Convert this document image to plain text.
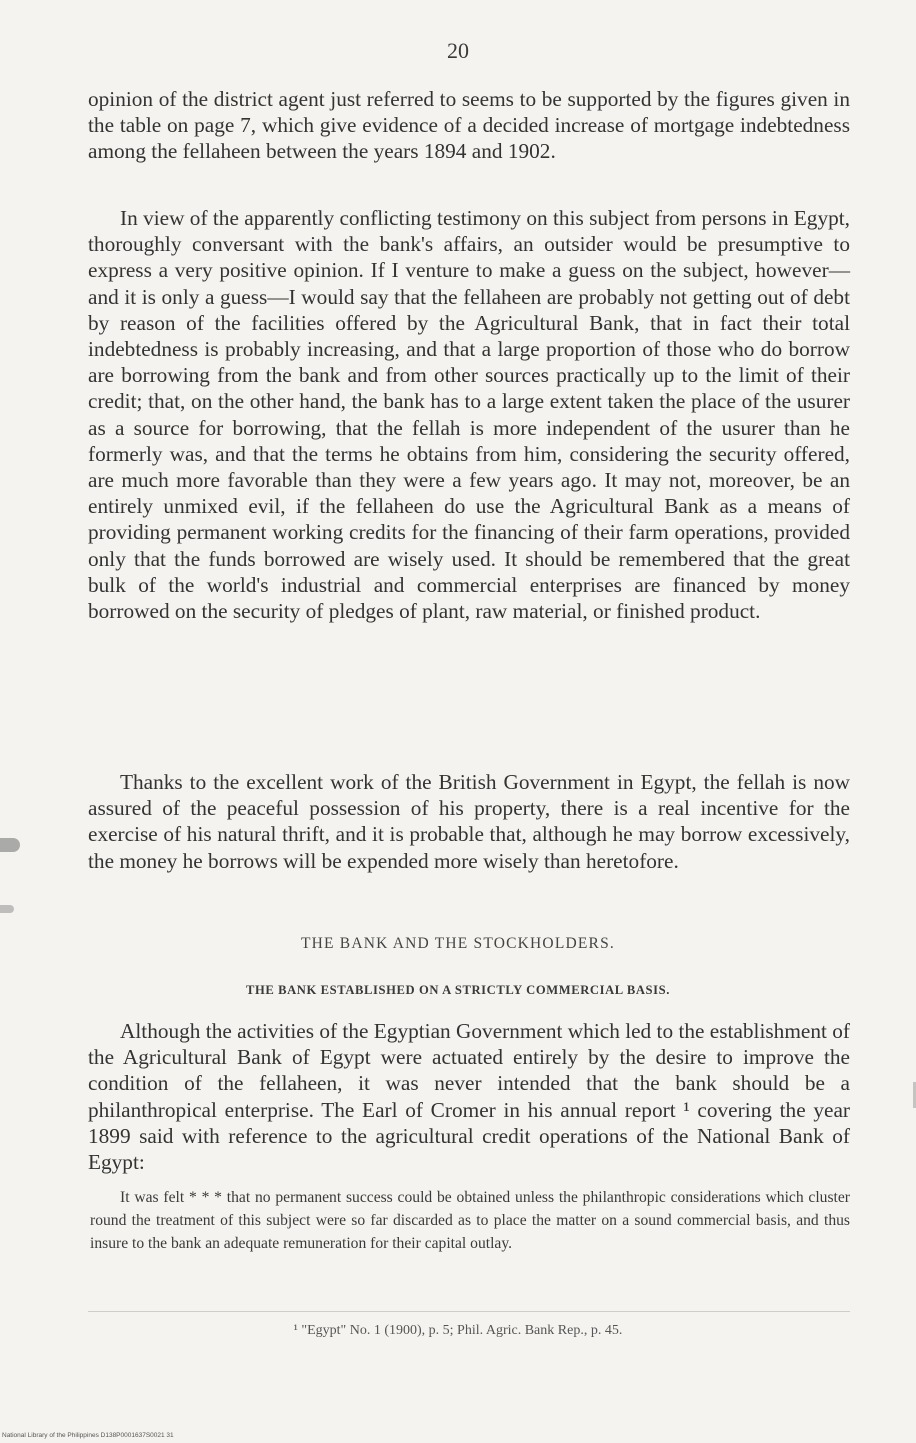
20

opinion of the district agent just referred to seems to be supported by the figures given in the table on page 7, which give evidence of a decided increase of mortgage indebtedness among the fellaheen between the years 1894 and 1902.

In view of the apparently conflicting testimony on this subject from persons in Egypt, thoroughly conversant with the bank's affairs, an outsider would be presumptive to express a very positive opinion. If I venture to make a guess on the subject, however—and it is only a guess—I would say that the fellaheen are probably not getting out of debt by reason of the facilities offered by the Agricultural Bank, that in fact their total indebtedness is probably increasing, and that a large proportion of those who do borrow are borrowing from the bank and from other sources practically up to the limit of their credit; that, on the other hand, the bank has to a large extent taken the place of the usurer as a source for borrowing, that the fellah is more independent of the usurer than he formerly was, and that the terms he obtains from him, considering the security offered, are much more favorable than they were a few years ago. It may not, moreover, be an entirely unmixed evil, if the fellaheen do use the Agricultural Bank as a means of providing permanent working credits for the financing of their farm operations, provided only that the funds borrowed are wisely used. It should be remembered that the great bulk of the world's industrial and commercial enterprises are financed by money borrowed on the security of pledges of plant, raw material, or finished product.

Thanks to the excellent work of the British Government in Egypt, the fellah is now assured of the peaceful possession of his property, there is a real incentive for the exercise of his natural thrift, and it is probable that, although he may borrow excessively, the money he borrows will be expended more wisely than heretofore.

THE BANK AND THE STOCKHOLDERS.
THE BANK ESTABLISHED ON A STRICTLY COMMERCIAL BASIS.

Although the activities of the Egyptian Government which led to the establishment of the Agricultural Bank of Egypt were actuated entirely by the desire to improve the condition of the fellaheen, it was never intended that the bank should be a philanthropical enterprise. The Earl of Cromer in his annual report ¹ covering the year 1899 said with reference to the agricultural credit operations of the National Bank of Egypt:

It was felt * * * that no permanent success could be obtained unless the philanthropic considerations which cluster round the treatment of this subject were so far discarded as to place the matter on a sound commercial basis, and thus insure to the bank an adequate remuneration for their capital outlay.

¹ "Egypt" No. 1 (1900), p. 5; Phil. Agric. Bank Rep., p. 45.
National Library of the Philippines D138P0001637S0021 31
